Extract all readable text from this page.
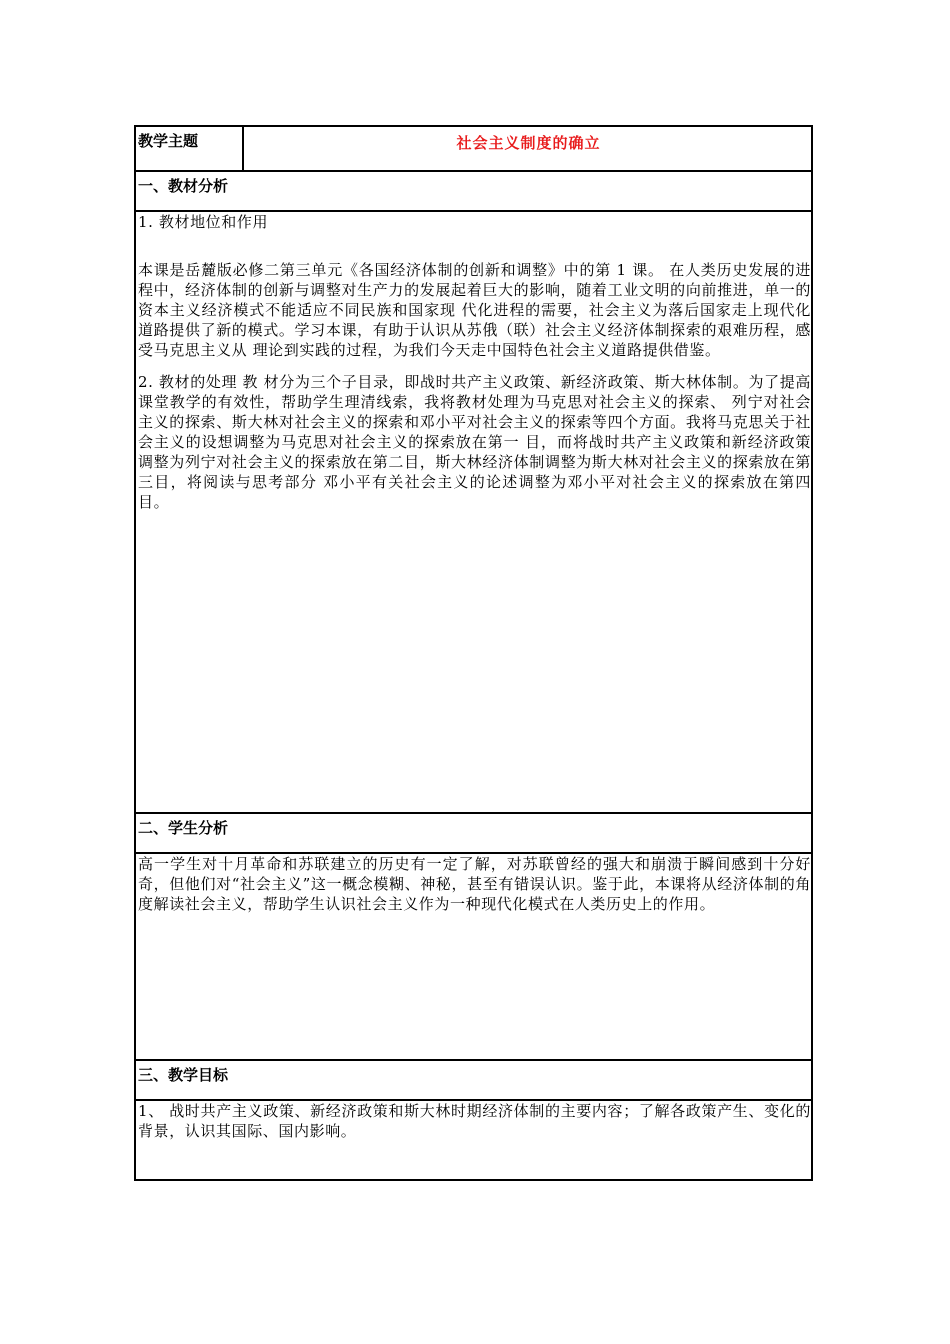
教学主题	社会主义制度的确立
一、教材分析

1. 教材地位和作用

本课是岳麓版必修二第三单元《各国经济体制的创新和调整》中的第 1 课。 在人类历史发展的进程中，经济体制的创新与调整对生产力的发展起着巨大的影响，随着工业文明的向前推进，单一的资本主义经济模式不能适应不同民族和国家现 代化进程的需要，社会主义为落后国家走上现代化道路提供了新的模式。学习本课，有助于认识从苏俄（联）社会主义经济体制探索的艰难历程，感受马克思主义从 理论到实践的过程，为我们今天走中国特色社会主义道路提供借鉴。

2. 教材的处理 教 材分为三个子目录，即战时共产主义政策、新经济政策、斯大林体制。为了提高课堂教学的有效性，帮助学生理清线索，我将教材处理为马克思对社会主义的探索、 列宁对社会主义的探索、斯大林对社会主义的探索和邓小平对社会主义的探索等四个方面。我将马克思关于社会主义的设想调整为马克思对社会主义的探索放在第一 目，而将战时共产主义政策和新经济政策调整为列宁对社会主义的探索放在第二目，斯大林经济体制调整为斯大林对社会主义的探索放在第三目，将阅读与思考部分 邓小平有关社会主义的论述调整为邓小平对社会主义的探索放在第四目。

二、学生分析

高一学生对十月革命和苏联建立的历史有一定了解，对苏联曾经的强大和崩溃于瞬间感到十分好奇，但他们对“社会主义”这一概念模糊、神秘，甚至有错误认识。鉴于此，本课将从经济体制的角度解读社会主义，帮助学生认识社会主义作为一种现代化模式在人类历史上的作用。

三、教学目标

1、 战时共产主义政策、新经济政策和斯大林时期经济体制的主要内容；了解各政策产生、变化的背景，认识其国际、国内影响。
